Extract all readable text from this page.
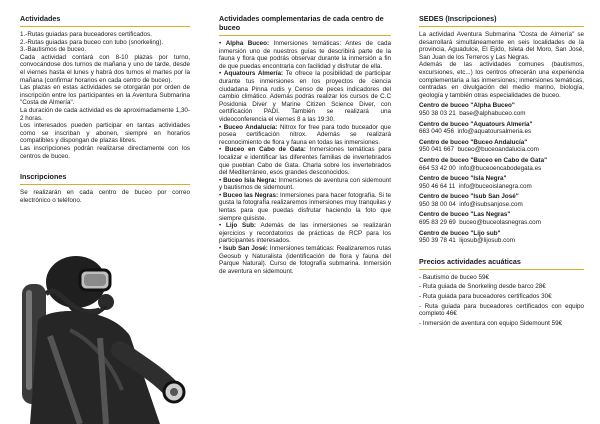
Actividades

1.-Rutas guiadas para buceadores certificados.

2.-Rutas guiadas para buceo con tubo (snorkeling).

3.-Bautismos de buceo.

Cada actividad contará con 8-10 plazas por turno, convocándose dos turnos de mañana y uno de tarde, desde el viernes hasta el lunes y habrá dos turnos el martes por la mañana (confirmar horarios en cada centro de buceo).

Las plazas en estas actividades se otorgarán por orden de inscripción entre los participantes en la Aventura Submarina "Costa de Almería".

La duración de cada actividad es de aproximadamente 1,30-2 horas.

Los interesados pueden participar en tantas actividades como se inscriban y abonen, siempre en horarios compatibles y dispongan de plazas libres.

Las inscripciones podrán realizarse directamente con los centros de buceo.

Inscripciones

Se realizarán en cada centro de buceo por correo electrónico o teléfono.

Actividades complementarias de cada centro de buceo

• Alpha Buceo: Inmersiones temáticas: Antes de cada inmersión uno de nuestros guías te describirá parte de la fauna y flora que podrás observar durante la inmersión a fin de que puedas encontrarla con facilidad y disfrutar de ella.

• Aquatours Almería: Te ofrece la posibilidad de participar durante tus inmersiones en los proyectos de ciencia ciudadana Pinna rudis y Censo de peces indicadores del cambio climático. Además podrás realizar los cursos de C.C Posidonia Diver y Marine Citizen Science Diver, con certificación PADI. También se realizará una videoconferencia el viernes 8 a las 19:30.

• Buceo Andalucía: Nitrox for free para todo buceador que posea certificación nitrox. Además se realizará reconocimiento de flora y fauna en todas las inmersiones.

• Buceo en Cabo de Gata: Inmersiones temáticas para localizar e identificar las diferentes familias de invertebrados que pueblan Cabo de Gata. Charla sobre los invertebrados del Mediterráneo, esos grandes desconocidos.

• Buceo Isla Negra: Inmersiones de aventura con sidemount y bautismos de sidemount.

• Buceo las Negras: Inmersiones para hacer fotografía. Si te gusta la fotografía realizaremos inmersiones muy tranquilas y lentas para que puedas disfrutar haciendo la foto que siempre quisiste.

• Lijo Sub: Además de las inmersiones se realizarán ejercicios y recordatorios de prácticas de RCP para los participantes interesados.

• Isub San José: Inmersiones temáticas: Realizaremos rutas Geosub y Naturalista (identificación de flora y fauna del Parque Natural). Curso de fotografía submarina. Inmersión de aventura en sidemount.

SEDES (Inscripciones)

La actividad Aventura Submarina "Costa de Almería" se desarrollará simultáneamente en seis localidades de la provincia, Aguadulce, El Ejido, Isleta del Moro, San José, San Juan de los Terreros y Las Negras.

Además de las actividades comunes (bautismos, excursiones, etc...) los centros ofrecerán una experiencia complementaria a las inmersiones; inmersiones temáticas, centradas en divulgación del medio marino, biología, geología y también otras especialidades de buceo.

Centro de buceo "Alpha Buceo"
950 38 03 21 base@alphabuceo.com
Centro de buceo "Aquatours Almería"
663 040 456 info@aquatoursalmeria.es
Centro de buceo "Buceo Andalucía"
950 041 667 buceo@buceoandalucia.com
Centro de buceo "Buceo en Cabo de Gata"
664 53 42 00 info@buceoencabodegata.es
Centro de buceo "Isla Negra"
950 46 64 11 info@buceoislanegra.com
Centro de buceo "Isub San José"
950 38 00 04 info@isubsanjose.com
Centro de buceo "Las Negras"
695 83 29 69 buceo@buceolasnegras.com
Centro de buceo "Lijo sub"
950 39 78 41 lijosub@lijosub.com
Precios actividades acuáticas

- Bautismo de buceo 59€

- Ruta guiada de Snorkeling desde barco 28€

- Ruta guiada para buceadores certificados 30€

- Ruta guiada para buceadores certificados con equipo completo 46€

- Inmersión de aventura con equipo Sidemount 59€
